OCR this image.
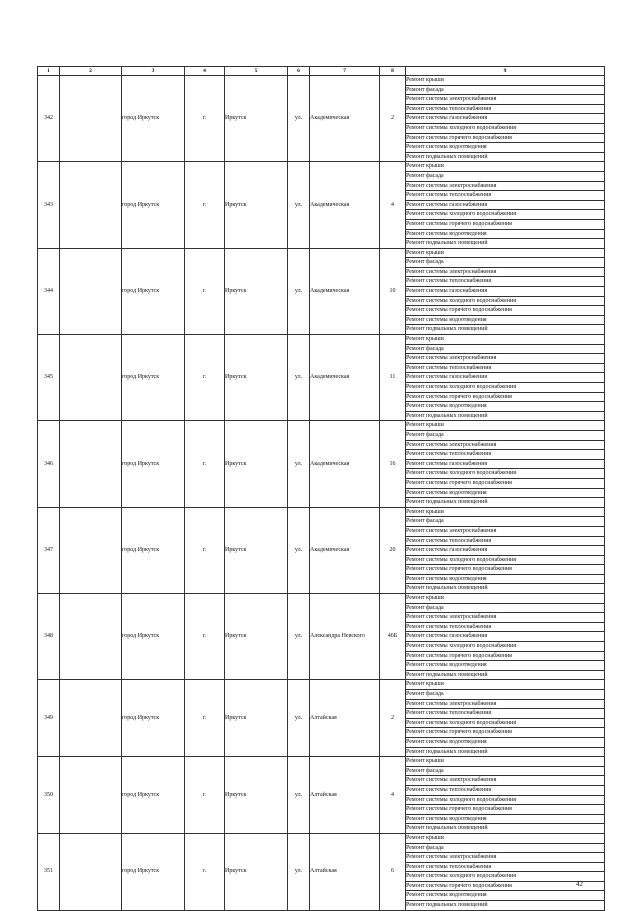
1	2	3	4	5	6	7	8	9
342		город Иркутск	г.	Иркутск	ул.	Академическая	2	Ремонт крыши
								Ремонт фасада
								Ремонт системы электроснабжения
								Ремонт системы теплоснабжения
								Ремонт системы газоснабжения
								Ремонт системы холодного водоснабжения
								Ремонт системы горячего водоснабжения
								Ремонт системы водоотведения
								Ремонт подвальных помещений
343		город Иркутск	г.	Иркутск	ул.	Академическая	4	Ремонт крыши
								Ремонт фасада
								Ремонт системы электроснабжения
								Ремонт системы теплоснабжения
								Ремонт системы газоснабжения
								Ремонт системы холодного водоснабжения
								Ремонт системы горячего водоснабжения
								Ремонт системы водоотведения
								Ремонт подвальных помещений
344		город Иркутск	г.	Иркутск	ул.	Академическая	10	Ремонт крыши
								Ремонт фасада
								Ремонт системы электроснабжения
								Ремонт системы теплоснабжения
								Ремонт системы газоснабжения
								Ремонт системы холодного водоснабжения
								Ремонт системы горячего водоснабжения
								Ремонт системы водоотведения
								Ремонт подвальных помещений
345		город Иркутск	г.	Иркутск	ул.	Академическая	11	Ремонт крыши
								Ремонт фасада
								Ремонт системы электроснабжения
								Ремонт системы теплоснабжения
								Ремонт системы газоснабжения
								Ремонт системы холодного водоснабжения
								Ремонт системы горячего водоснабжения
								Ремонт системы водоотведения
								Ремонт подвальных помещений
346		город Иркутск	г.	Иркутск	ул.	Академическая	16	Ремонт крыши
								Ремонт фасада
								Ремонт системы электроснабжения
								Ремонт системы теплоснабжения
								Ремонт системы газоснабжения
								Ремонт системы холодного водоснабжения
								Ремонт системы горячего водоснабжения
								Ремонт системы водоотведения
								Ремонт подвальных помещений
347		город Иркутск	г.	Иркутск	ул.	Академическая	20	Ремонт крыши
								Ремонт фасада
								Ремонт системы электроснабжения
								Ремонт системы теплоснабжения
								Ремонт системы газоснабжения
								Ремонт системы холодного водоснабжения
								Ремонт системы горячего водоснабжения
								Ремонт системы водоотведения
								Ремонт подвальных помещений
348		город Иркутск	г.	Иркутск	ул.	Александра Невского	46Б	Ремонт крыши
								Ремонт фасада
								Ремонт системы электроснабжения
								Ремонт системы теплоснабжения
								Ремонт системы газоснабжения
								Ремонт системы холодного водоснабжения
								Ремонт системы горячего водоснабжения
								Ремонт системы водоотведения
								Ремонт подвальных помещений
349		город Иркутск	г.	Иркутск	ул.	Алтайская	2	Ремонт крыши
								Ремонт фасада
								Ремонт системы электроснабжения
								Ремонт системы теплоснабжения
								Ремонт системы холодного водоснабжения
								Ремонт системы горячего водоснабжения
								Ремонт системы водоотведения
								Ремонт подвальных помещений
350		город Иркутск	г.	Иркутск	ул.	Алтайская	4	Ремонт крыши
								Ремонт фасада
								Ремонт системы электроснабжения
								Ремонт системы теплоснабжения
								Ремонт системы холодного водоснабжения
								Ремонт системы горячего водоснабжения
								Ремонт системы водоотведения
								Ремонт подвальных помещений
351		город Иркутск	г.	Иркутск	ул.	Алтайская	6	Ремонт крыши
								Ремонт фасада
								Ремонт системы электроснабжения
								Ремонт системы теплоснабжения
								Ремонт системы холодного водоснабжения
								Ремонт системы горячего водоснабжения
								Ремонт системы водоотведения
								Ремонт подвальных помещений
42
